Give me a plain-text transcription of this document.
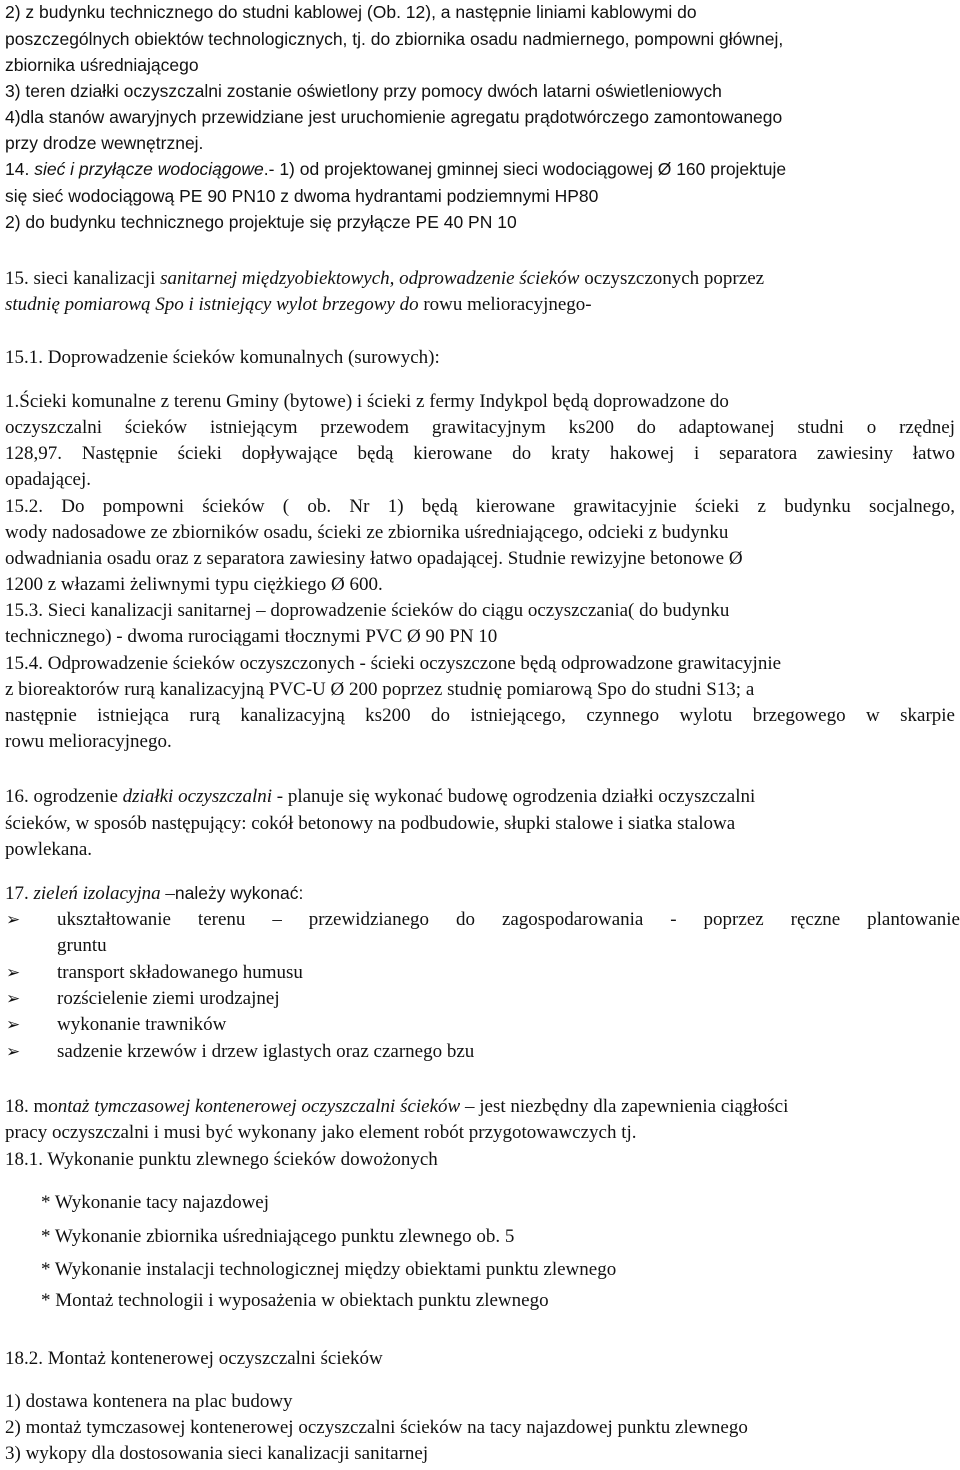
2) z budynku technicznego do studni kablowej (Ob. 12), a następnie liniami kablowymi do
poszczególnych obiektów technologicznych, tj. do zbiornika osadu nadmiernego, pompowni głównej,
zbiornika uśredniającego
3) teren działki oczyszczalni zostanie oświetlony przy pomocy dwóch latarni oświetleniowych
4)dla stanów awaryjnych przewidziane jest uruchomienie agregatu prądotwórczego zamontowanego
przy drodze wewnętrznej.
14. sieć i przyłącze wodociągowe.- 1) od projektowanej gminnej sieci wodociągowej Ø 160 projektuje
się sieć wodociągową PE 90 PN10 z dwoma hydrantami podziemnymi HP80
2) do budynku technicznego projektuje się przyłącze PE 40 PN 10
15. sieci kanalizacji sanitarnej międzyobiektowych, odprowadzenie ścieków oczyszczonych poprzez
studnię pomiarową Spo i istniejący wylot brzegowy do rowu melioracyjnego-
15.1. Doprowadzenie ścieków komunalnych (surowych):
1.Ścieki komunalne z terenu Gminy (bytowe) i ścieki z fermy Indykpol będą doprowadzone do
oczyszczalni ścieków istniejącym przewodem grawitacyjnym ks200 do adaptowanej studni o rzędnej
128,97. Następnie ścieki dopływające będą kierowane do kraty hakowej i separatora zawiesiny łatwo
opadającej.
15.2. Do pompowni ścieków ( ob. Nr 1) będą kierowane grawitacyjnie ścieki z budynku socjalnego,
wody nadosadowe ze zbiorników osadu, ścieki ze zbiornika uśredniającego, odcieki z budynku
odwadniania osadu oraz z separatora zawiesiny łatwo opadającej. Studnie rewizyjne betonowe Ø
1200 z włazami żeliwnymi typu ciężkiego Ø 600.
15.3. Sieci kanalizacji sanitarnej – doprowadzenie ścieków do ciągu oczyszczania( do budynku
technicznego) - dwoma rurociągami tłocznymi PVC Ø 90 PN 10
15.4. Odprowadzenie ścieków oczyszczonych - ścieki oczyszczone będą odprowadzone grawitacyjnie
z bioreaktorów rurą kanalizacyjną PVC-U Ø 200 poprzez studnię pomiarową Spo do studni S13; a
następnie istniejąca rurą kanalizacyjną ks200 do istniejącego, czynnego wylotu brzegowego w skarpie
rowu melioracyjnego.
16. ogrodzenie działki oczyszczalni - planuje się wykonać budowę ogrodzenia działki oczyszczalni
ścieków, w sposób następujący: cokół betonowy na podbudowie, słupki stalowe i siatka stalowa
powlekana.
17. zieleń izolacyjna –należy wykonać:
➢ ukształtowanie terenu – przewidzianego do zagospodarowania - poprzez ręczne plantowanie
gruntu
➢ transport składowanego humusu
➢ rozścielenie ziemi urodzajnej
➢ wykonanie trawników
➢ sadzenie krzewów i drzew iglastych oraz czarnego bzu
18. montaż tymczasowej kontenerowej oczyszczalni ścieków – jest niezbędny dla zapewnienia ciągłości
pracy oczyszczalni i musi być wykonany jako element robót przygotowawczych tj.
18.1. Wykonanie punktu zlewnego ścieków dowożonych
* Wykonanie tacy najazdowej
* Wykonanie zbiornika uśredniającego punktu zlewnego ob. 5
* Wykonanie instalacji technologicznej między obiektami punktu zlewnego
* Montaż technologii i wyposażenia w obiektach punktu zlewnego
18.2. Montaż kontenerowej oczyszczalni ścieków
1) dostawa kontenera na plac budowy
2) montaż tymczasowej kontenerowej oczyszczalni ścieków na tacy najazdowej punktu zlewnego
3) wykopy dla dostosowania sieci kanalizacji sanitarnej
